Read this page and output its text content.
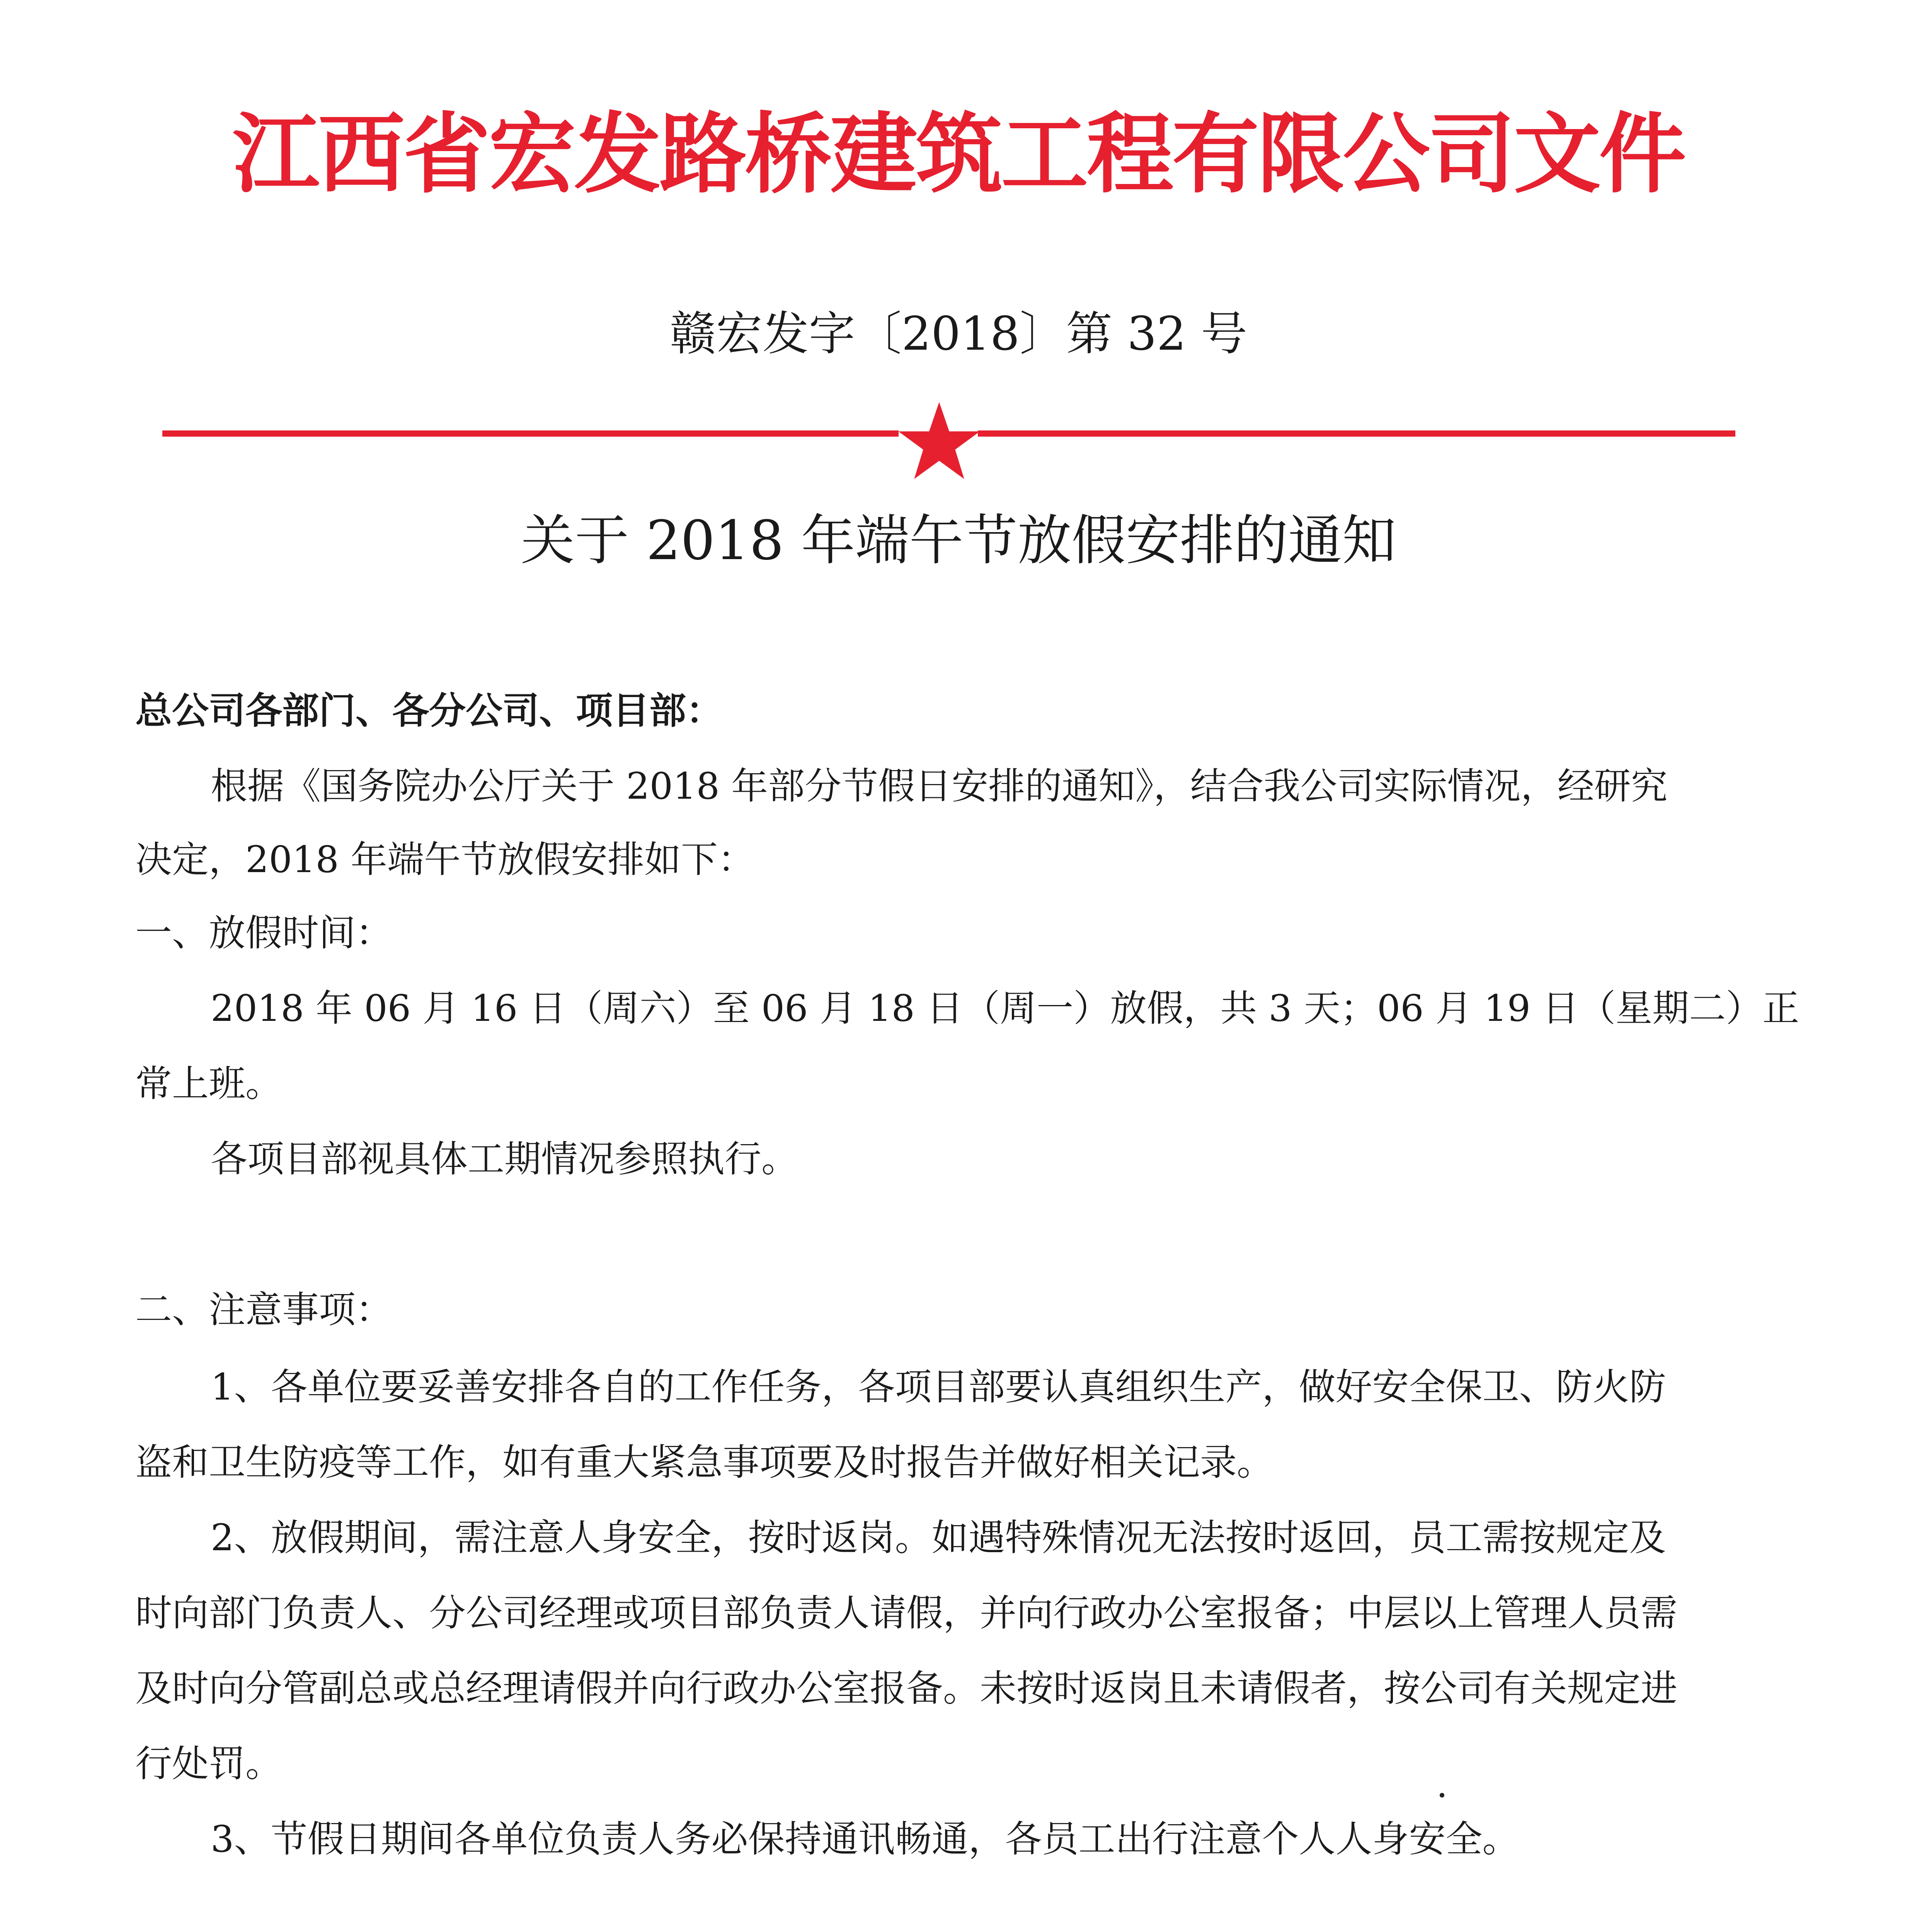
江西省宏发路桥建筑工程有限公司文件
赣宏发字〔2018〕第 32 号
关于 2018 年端午节放假安排的通知
总公司各部门、各分公司、项目部：
根据《国务院办公厅关于 2018 年部分节假日安排的通知》，结合我公司实际情况，经研究
决定，2018 年端午节放假安排如下：
一、放假时间：
2018 年 06 月 16 日（周六）至 06 月 18 日（周一）放假，共 3 天；06 月 19 日（星期二）正
常上班。
各项目部视具体工期情况参照执行。
二、注意事项：
1、各单位要妥善安排各自的工作任务，各项目部要认真组织生产，做好安全保卫、防火防
盗和卫生防疫等工作，如有重大紧急事项要及时报告并做好相关记录。
2、放假期间，需注意人身安全，按时返岗。如遇特殊情况无法按时返回，员工需按规定及
时向部门负责人、分公司经理或项目部负责人请假，并向行政办公室报备；中层以上管理人员需
及时向分管副总或总经理请假并向行政办公室报备。未按时返岗且未请假者，按公司有关规定进
行处罚。
3、节假日期间各单位负责人务必保持通讯畅通，各员工出行注意个人人身安全。
